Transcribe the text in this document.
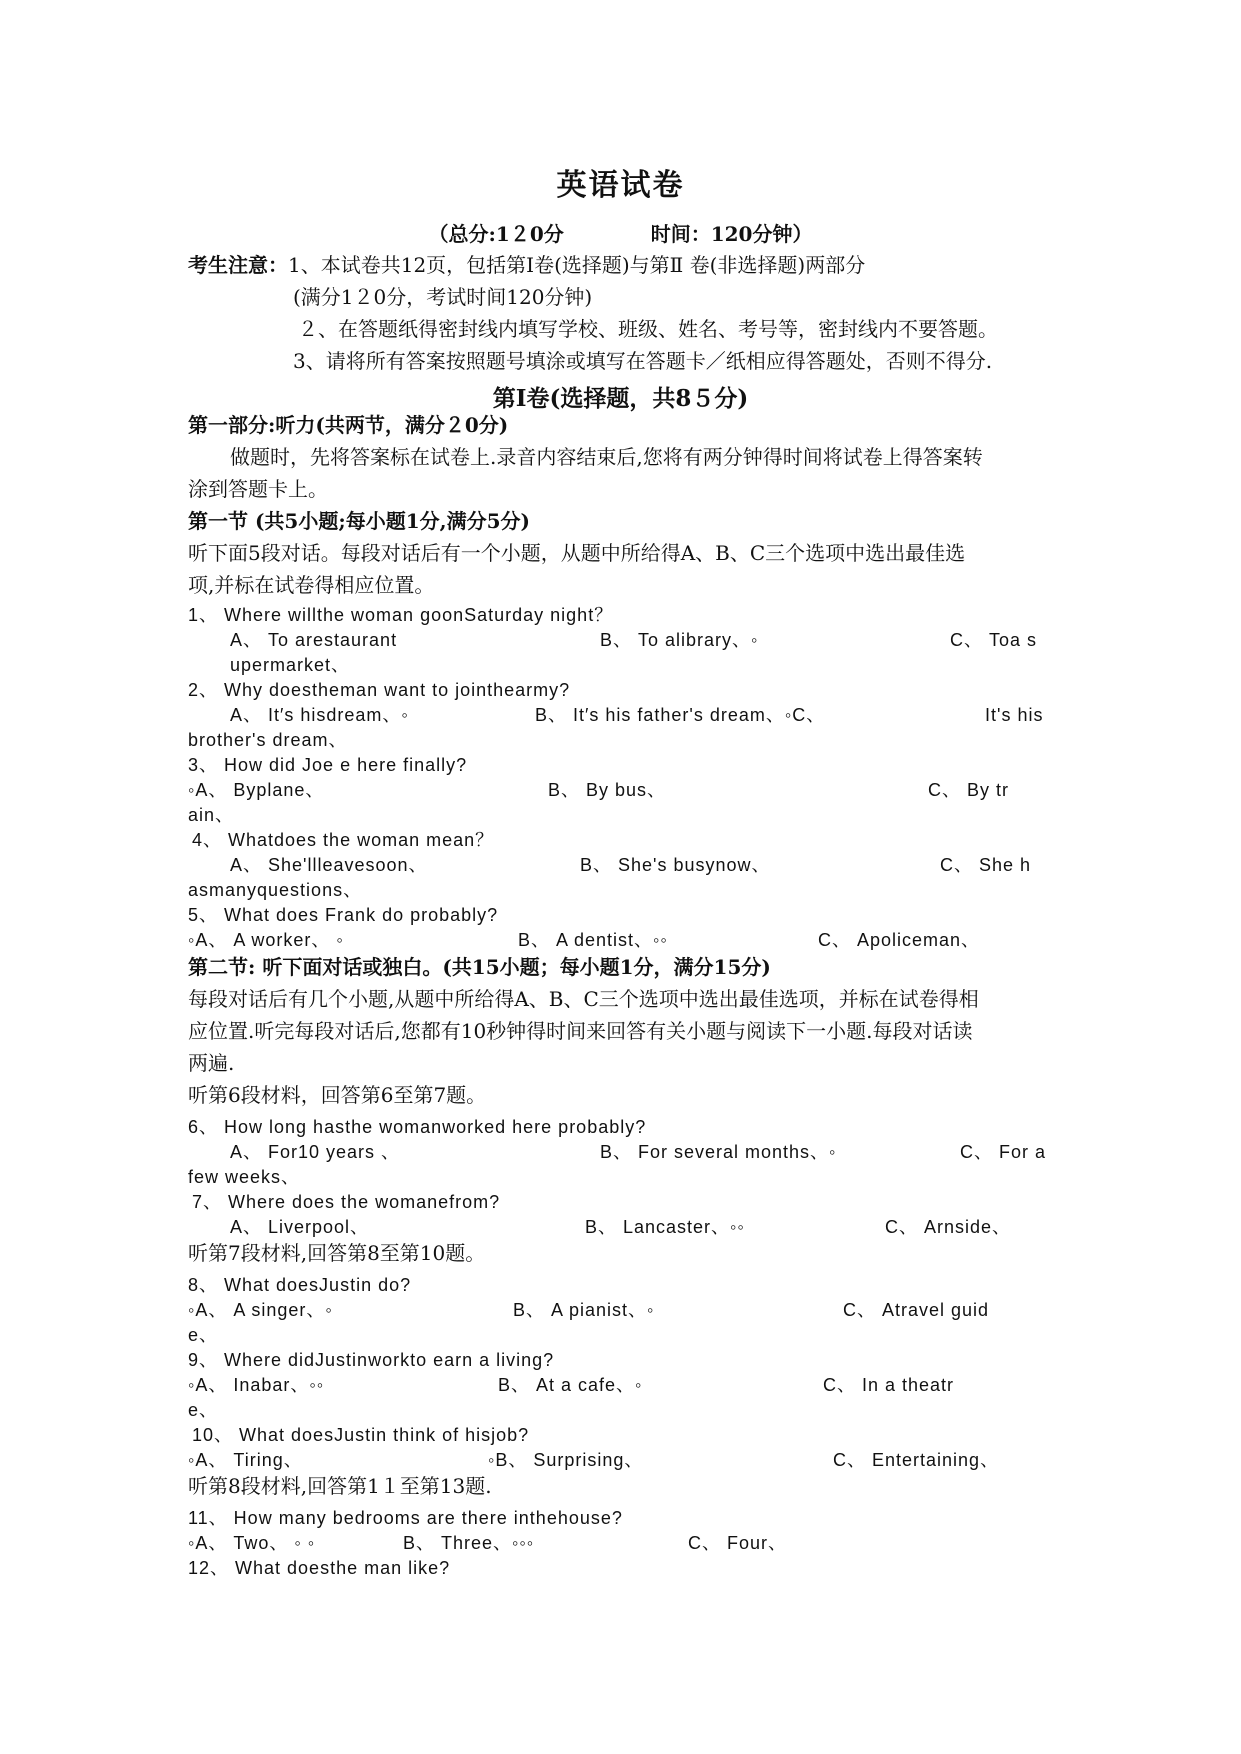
英语试卷
（总分:1２0分	时间：120分钟）
考生注意：1、本试卷共12页，包括第Ⅰ卷(选择题)与第Ⅱ 卷(非选择题)两部分
(满分1２0分，考试时间120分钟)
２、在答题纸得密封线内填写学校、班级、姓名、考号等，密封线内不要答题。
3、请将所有答案按照题号填涂或填写在答题卡／纸相应得答题处，否则不得分.
第Ⅰ卷(选择题，共8５分)
第一部分:听力(共两节，满分２0分)
做题时，先将答案标在试卷上.录音内容结束后,您将有两分钟得时间将试卷上得答案转
涂到答题卡上。
第一节 (共5小题;每小题1分,满分5分)
听下面5段对话。每段对话后有一个小题，从题中所给得A、B、C三个选项中选出最佳选
项,并标在试卷得相应位置。
1、 Where willthe woman goonSaturday night？
A、 To arestaurant	B、 To alibrary、◦	C、 Toa s
upermarket、
2、 Why doestheman want to jointhearmy?
A、 It′s hisdream、◦	B、 It′s his father's dream、◦C、	It's his
brother's dream、
3、 How did Joe e here finally?
◦A、 Byplane、	B、 By bus、	C、 By tr
ain、
4、 Whatdoes the woman mean？
A、 She'llleavesoon、	B、 She's busynow、	C、 She h
asmanyquestions、
5、 What does Frank do probably?
◦A、 A worker、 ◦	B、 A dentist、◦◦	C、 Apoliceman、
第二节: 听下面对话或独白。(共15小题；每小题1分，满分15分)
每段对话后有几个小题,从题中所给得A、B、C三个选项中选出最佳选项，并标在试卷得相
应位置.听完每段对话后,您都有10秒钟得时间来回答有关小题与阅读下一小题.每段对话读
两遍.
听第6段材料，回答第6至第7题。
6、 How long hasthe womanworked here probably?
A、 For10 years 、	B、 For several months、◦	C、 For a
few weeks、
7、 Where does the womanefrom?
A、 Liverpool、	B、 Lancaster、◦◦	C、 Arnside、
听第7段材料,回答第8至第10题。
8、 What doesJustin do?
◦A、 A singer、◦	B、 A pianist、◦	C、 Atravel guid
e、
9、 Where didJustinworkto earn a living?
◦A、 Inabar、◦◦	B、 At a cafe、◦	C、 In a theatr
e、
10、 What doesJustin think of hisjob?
◦A、 Tiring、	◦B、 Surprising、	C、 Entertaining、
听第8段材料,回答第1１至第13题.
11、 How many bedrooms are there inthehouse?
◦A、 Two、 ◦ ◦	B、 Three、◦◦◦	C、 Four、
12、 What doesthe man like?
